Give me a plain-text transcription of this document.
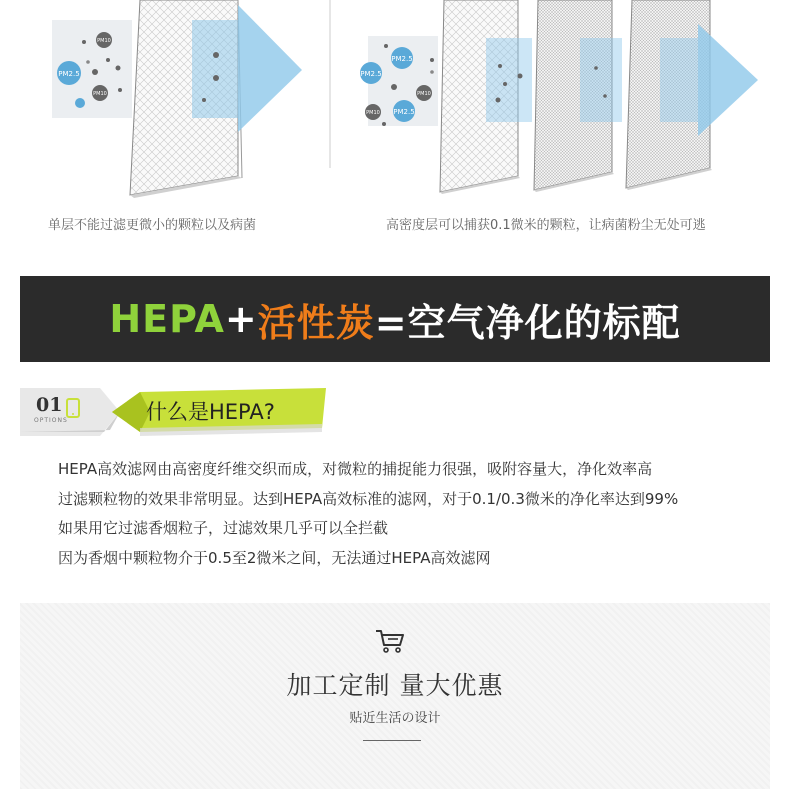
PM2.5
PM10
PM10
PM2.5
PM2.5
PM2.5
PM10
PM10
单层不能过滤更微小的颗粒以及病菌	高密度层可以捕获0.1微米的颗粒，让病菌粉尘无处可逃
HEPA + 活性炭 =空气净化的标配
01
OPTIONS	什么是HEPA?

HEPA高效滤网由高密度纤维交织而成，对微粒的捕捉能力很强，吸附容量大，净化效率高

过滤颗粒物的效果非常明显。达到HEPA高效标准的滤网，对于0.1/0.3微米的净化率达到99%

如果用它过滤香烟粒子，过滤效果几乎可以全拦截

因为香烟中颗粒物介于0.5至2微米之间，无法通过HEPA高效滤网

加工定制 量大优惠
贴近生活の设计
